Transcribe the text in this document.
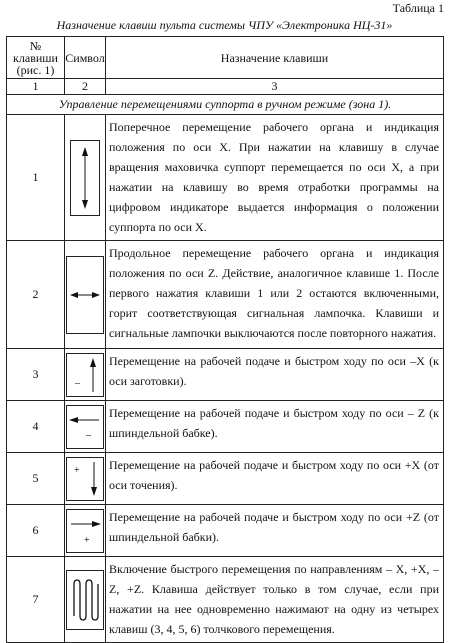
Таблица 1
Назначение клавиш пульта системы ЧПУ «Электроника НЦ-31»
№ клавиши (рис. 1)	Символ	Назначение клавиши
1	2	3
Управление перемещениями суппорта в ручном режиме (зона 1).		
1		Поперечное перемещение рабочего органа и индикация положения по оси X. При нажатии на клавишу в случае вращения маховичка суппорт перемещается по оси X, а при нажатии на клавишу во время отработки программы на цифровом индикаторе выдается информация о положении суппорта по оси X.
2		Продольное перемещение рабочего органа и индикация положения по оси Z. Действие, аналогичное клавише 1. После первого нажатия клавиши 1 или 2 остаются включенными, горит соответствующая сигнальная лампочка. Клавиши и сигнальные лампочки выключаются после повторного нажатия.
3	–	Перемещение на рабочей подаче и быстром ходу по оси –X (к оси заготовки).
4	–	Перемещение на рабочей подаче и быстром ходу по оси – Z (к шпиндельной бабке).
5	+	Перемещение на рабочей подаче и быстром ходу по оси +X (от оси точения).
6	+	Перемещение на рабочей подаче и быстром ходу по оси +Z (от шпиндельной бабки).
7		Включение быстрого перемещения по направлениям – X, +X, – Z, +Z. Клавиша действует только в том случае, если при нажатии на нее одновременно нажимают на одну из четырех клавиш (3, 4, 5, 6) толчкового перемещения.
